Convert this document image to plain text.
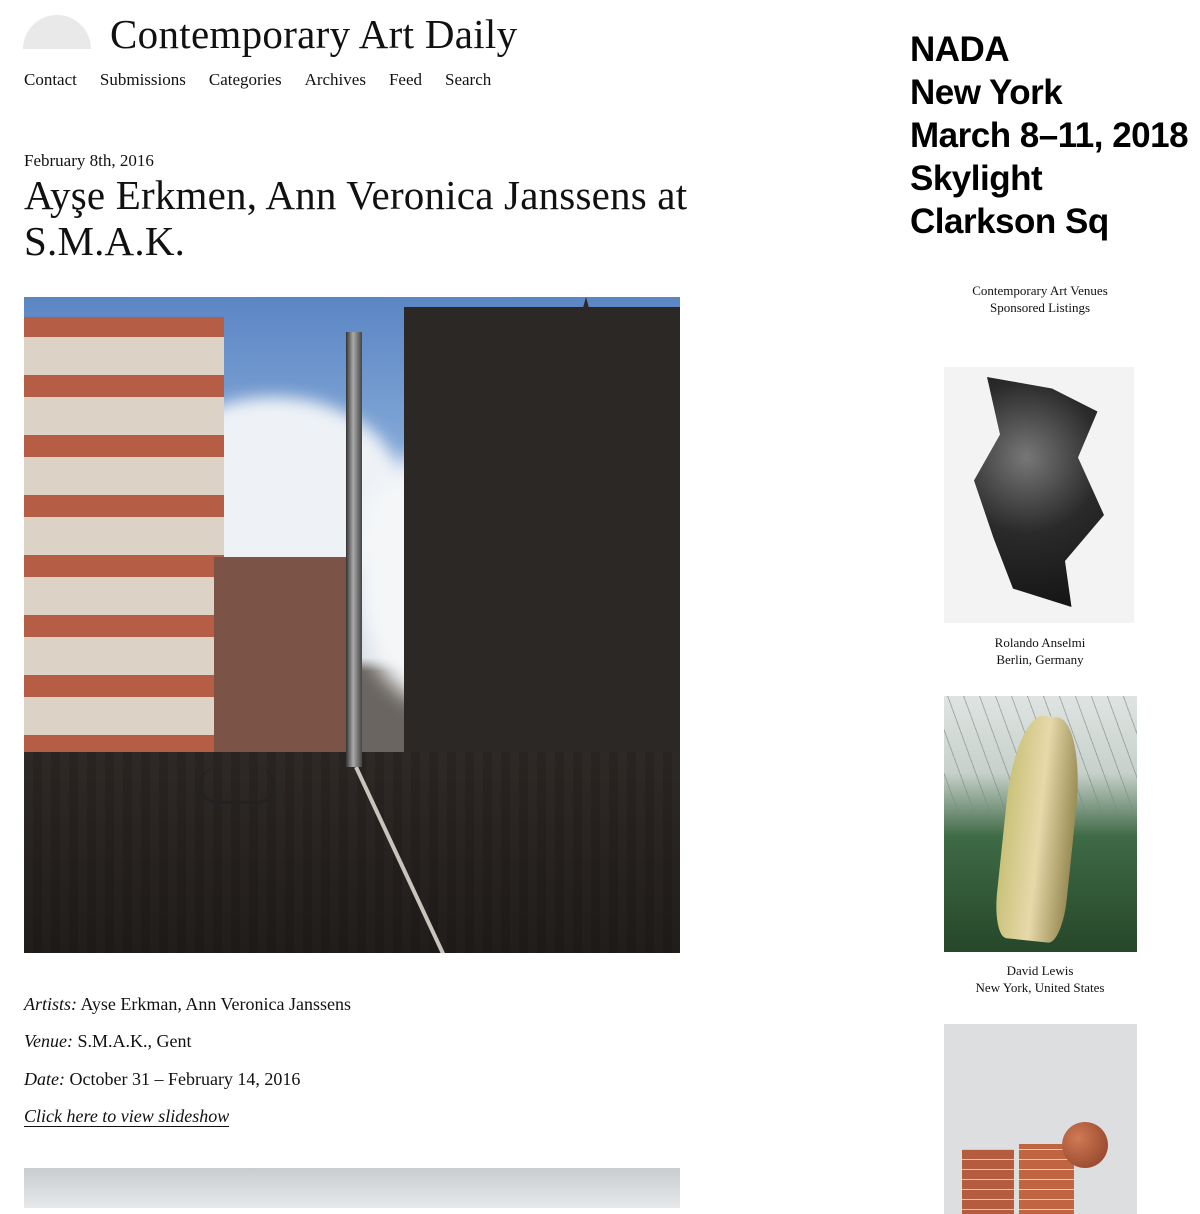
Contemporary Art Daily
Contact Submissions Categories Archives Feed Search
February 8th, 2016
Ayşe Erkmen, Ann Veronica Janssens at S.M.A.K.
Artists: Ayse Erkman, Ann Veronica Janssens
Venue: S.M.A.K., Gent
Date: October 31 – February 14, 2016
Click here to view slideshow
NADA
New York
March 8–11, 2018
Skylight
Clarkson Sq
Contemporary Art Venues
Sponsored Listings
Rolando Anselmi
Berlin, Germany
David Lewis
New York, United States
